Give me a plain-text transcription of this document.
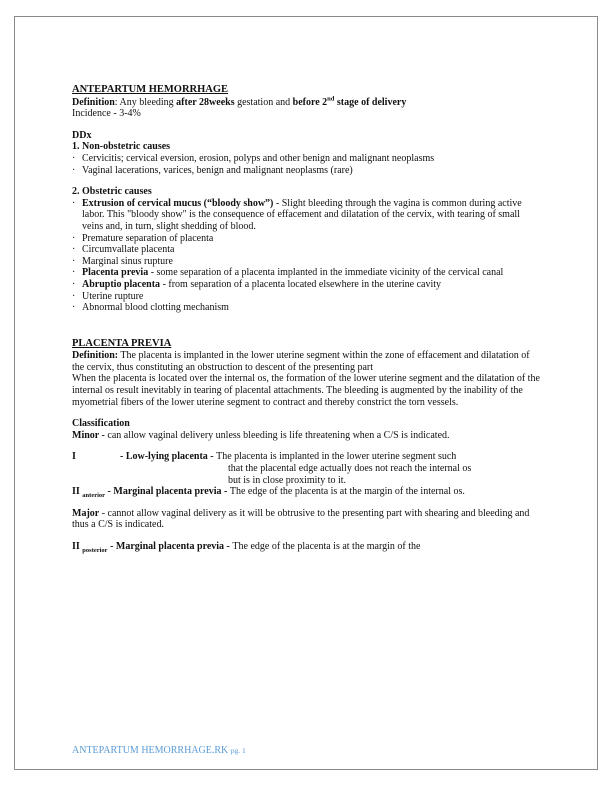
ANTEPARTUM HEMORRHAGE
Definition: Any bleeding after 28weeks gestation and before 2nd stage of delivery
Incidence - 3-4%
DDx
1. Non-obstetric causes
· Cervicitis; cervical eversion, erosion, polyps and other benign and malignant neoplasms
· Vaginal lacerations, varices, benign and malignant neoplasms (rare)
2. Obstetric causes
· Extrusion of cervical mucus (“bloody show”) - Slight bleeding through the vagina is common during active labor. This "bloody show" is the consequence of effacement and dilatation of the cervix, with tearing of small veins and, in turn, slight shedding of blood.
· Premature separation of placenta
· Circumvallate placenta
· Marginal sinus rupture
· Placenta previa - some separation of a placenta implanted in the immediate vicinity of the cervical canal
· Abruptio placenta - from separation of a placenta located elsewhere in the uterine cavity
· Uterine rupture
· Abnormal blood clotting mechanism
PLACENTA PREVIA
Definition: The placenta is implanted in the lower uterine segment within the zone of effacement and dilatation of the cervix, thus constituting an obstruction to descent of the presenting part
When the placenta is located over the internal os, the formation of the lower uterine segment and the dilatation of the internal os result inevitably in tearing of placental attachments. The bleeding is augmented by the inability of the myometrial fibers of the lower uterine segment to contract and thereby constrict the torn vessels.
Classification
Minor - can allow vaginal delivery unless bleeding is life threatening when a C/S is indicated.
I	- Low-lying placenta - The placenta is implanted in the lower uterine segment such
that the placental edge actually does not reach the internal os
but is in close proximity to it.
II $_{anterior}$ - Marginal placenta previa - The edge of the placenta is at the margin of the internal os.
Major - cannot allow vaginal delivery as it will be obtrusive to the presenting part with shearing and bleeding and thus a C/S is indicated.
II $_{posterior}$ - Marginal placenta previa - The edge of the placenta is at the margin of the
ANTEPARTUM HEMORRHAGE.RK pg. 1
